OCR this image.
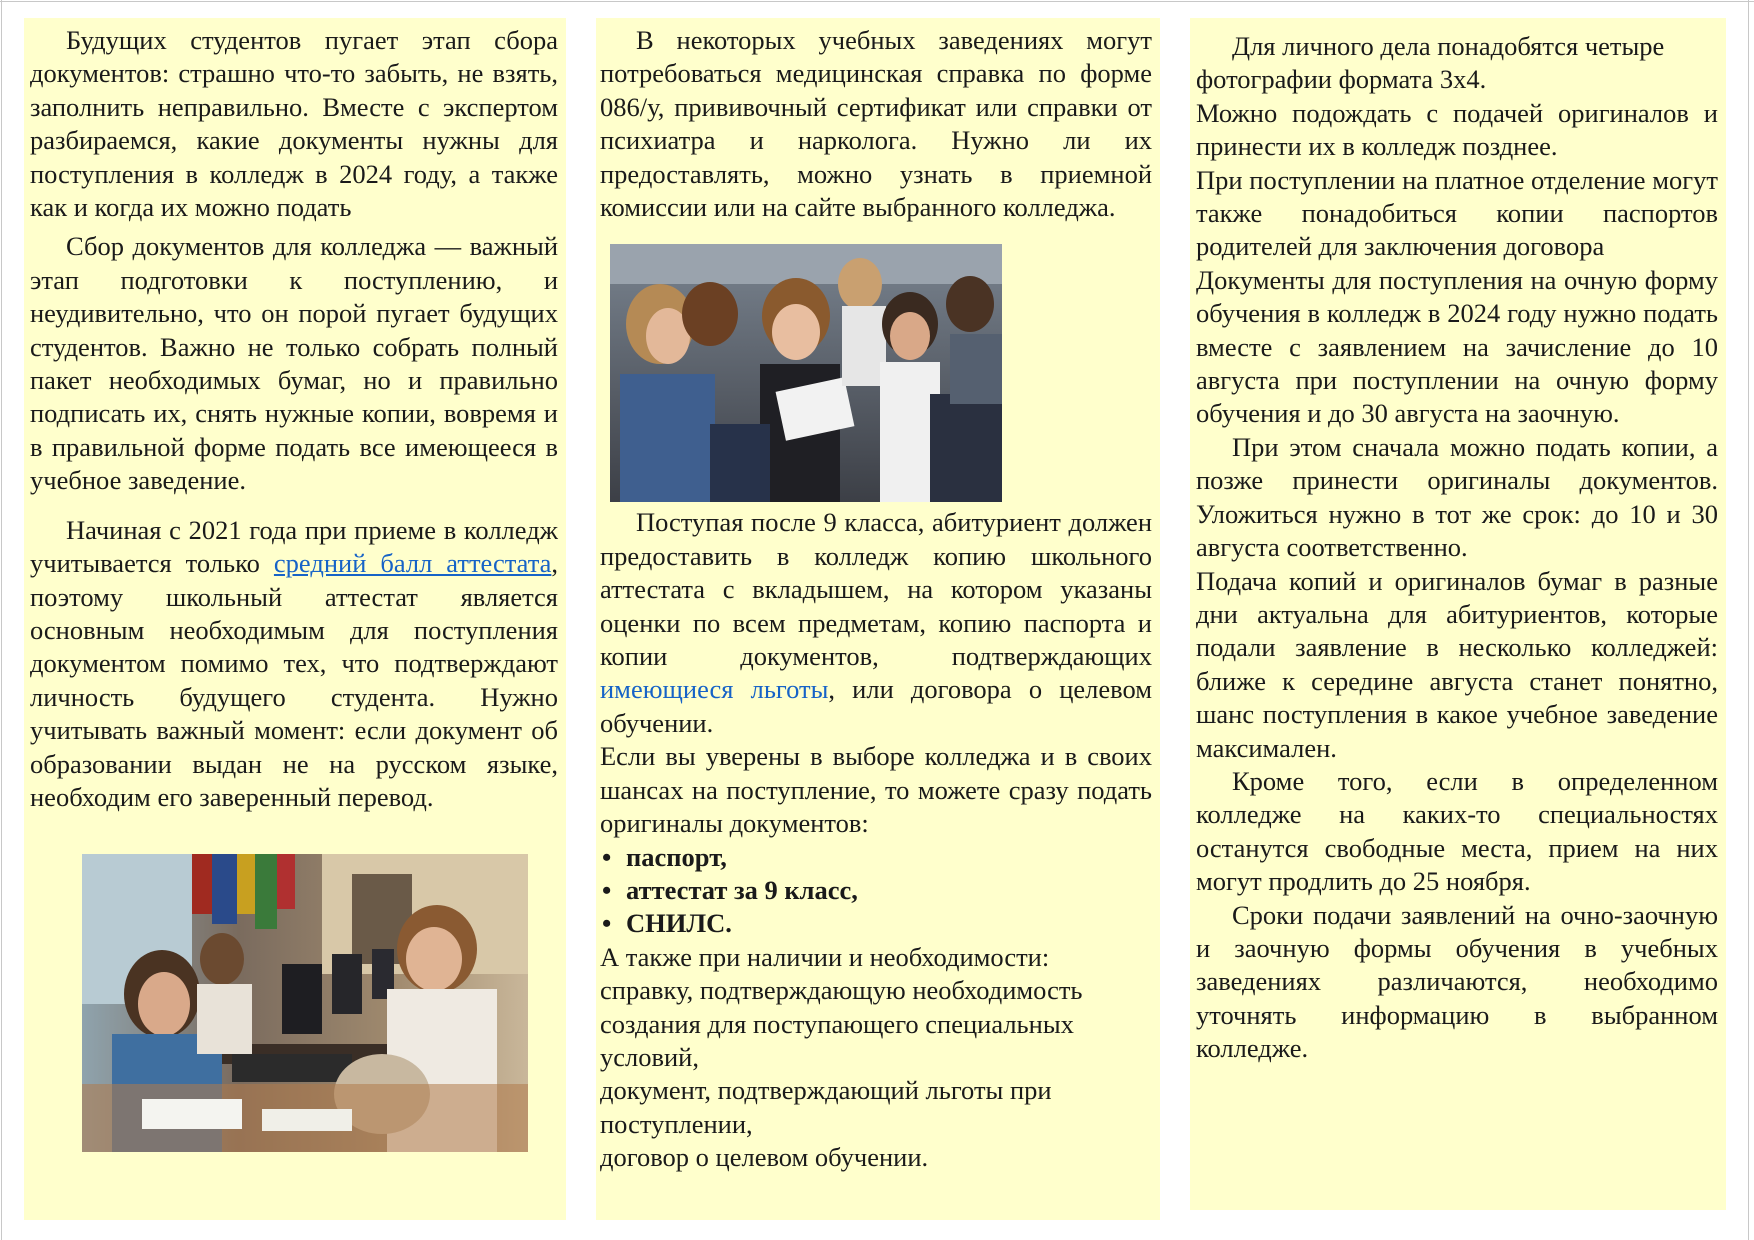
Будущих студентов пугает этап сбора документов: страшно что-то забыть, не взять, заполнить неправильно. Вместе с экспертом разбираемся, какие документы нужны для поступления в колледж в 2024 году, а также как и когда их можно подать

Сбор документов для колледжа — важный этап подготовки к поступлению, и неудивительно, что он порой пугает будущих студентов. Важно не только собрать полный пакет необходимых бумаг, но и правильно подписать их, снять нужные копии, вовремя и в правильной форме подать все имеющееся в учебное заведение.

Начиная с 2021 года при приеме в колледж учитывается только средний балл аттестата, поэтому школьный аттестат является основным необходимым для поступления документом помимо тех, что подтверждают личность будущего студента. Нужно учитывать важный момент: если документ об образовании выдан не на русском языке, необходим его заверенный перевод.

В некоторых учебных заведениях могут потребоваться медицинская справка по форме 086/у, прививочный сертификат или справки от психиатра и нарколога. Нужно ли их предоставлять, можно узнать в приемной комиссии или на сайте выбранного колледжа.

Поступая после 9 класса, абитуриент должен предоставить в колледж копию школьного аттестата с вкладышем, на котором указаны оценки по всем предметам, копию паспорта и копии документов, подтверждающих имеющиеся льготы, или договора о целевом обучении.

Если вы уверены в выборе колледжа и в своих шансах на поступление, то можете сразу подать оригиналы документов:

• паспорт,
• аттестат за 9 класс,
• СНИЛС.

А также при наличии и необходимости:

справку, подтверждающую необходимость создания для поступающего специальных условий,

документ, подтверждающий льготы при поступлении,

договор о целевом обучении.

Для личного дела понадобятся четыре фотографии формата 3х4.

Можно подождать с подачей оригиналов и принести их в колледж позднее.

При поступлении на платное отделение могут также понадобиться копии паспортов родителей для заключения договора

Документы для поступления на очную форму обучения в колледж в 2024 году нужно подать вместе с заявлением на зачисление до 10 августа при поступлении на очную форму обучения и до 30 августа на заочную.

При этом сначала можно подать копии, а позже принести оригиналы документов. Уложиться нужно в тот же срок: до 10 и 30 августа соответственно.

Подача копий и оригиналов бумаг в разные дни актуальна для абитуриентов, которые подали заявление в несколько колледжей: ближе к середине августа станет понятно, шанс поступления в какое учебное заведение максимален.

Кроме того, если в определенном колледже на каких-то специальностях останутся свободные места, прием на них могут продлить до 25 ноября.

Сроки подачи заявлений на очно-заочную и заочную формы обучения в учебных заведениях различаются, необходимо уточнять информацию в выбранном колледже.
